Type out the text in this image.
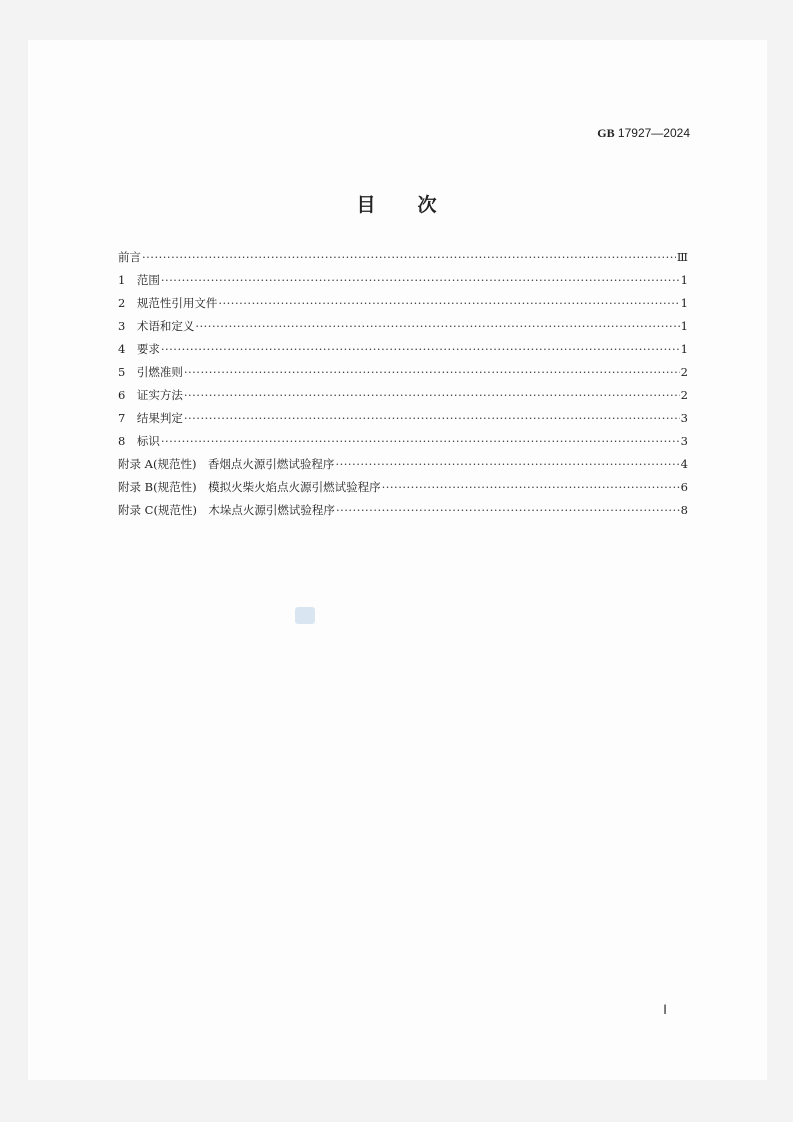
GB 17927—2024
目次
前言 ·····	Ⅲ
1　范围 ·····	1
2　规范性引用文件 ·····	1
3　术语和定义 ·····	1
4　要求 ·····	1
5　引燃准则 ·····	2
6　证实方法 ·····	2
7　结果判定 ·····	3
8　标识 ·····	3
附录 A(规范性)　香烟点火源引燃试验程序 ·····	4
附录 B(规范性)　模拟火柴火焰点火源引燃试验程序 ·····	6
附录 C(规范性)　木垛点火源引燃试验程序 ·····	8
Ⅰ
